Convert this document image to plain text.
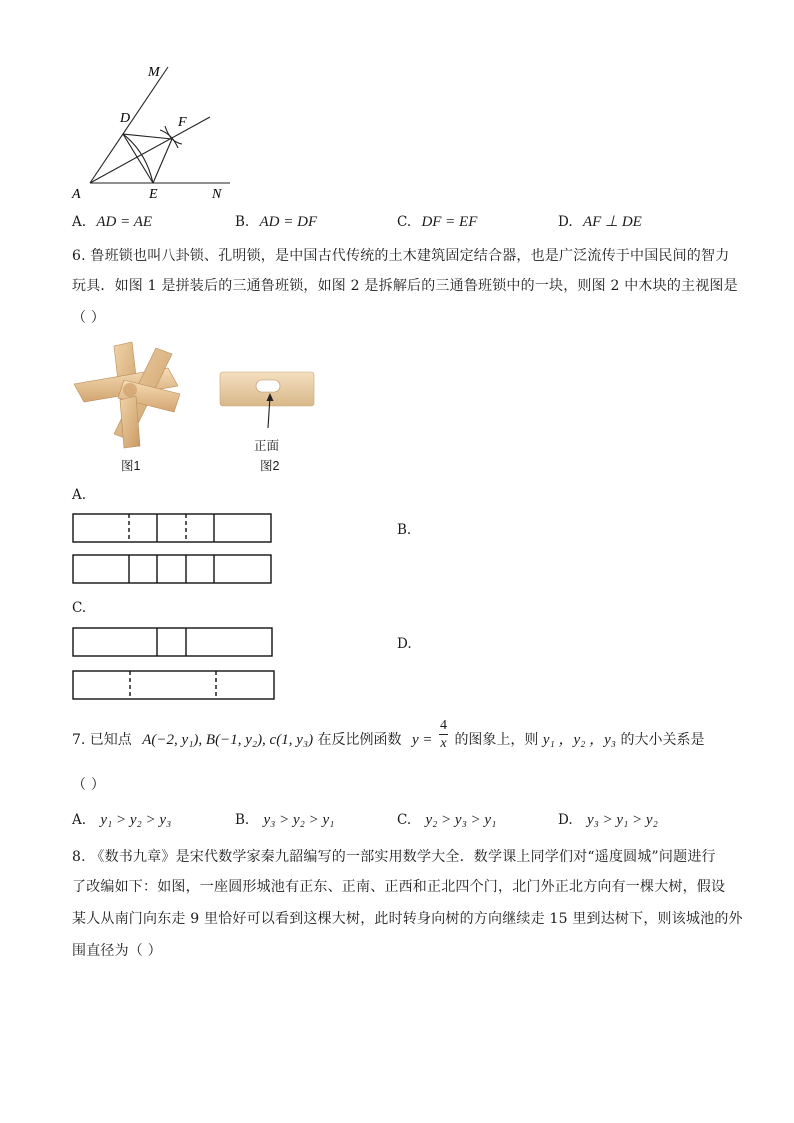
M
D	F
A	E	N
A. AD = AE	B. AD = DF	C. DF = EF	D. AF ⊥ DE
6. 鲁班锁也叫八卦锁、孔明锁，是中国古代传统的土木建筑固定结合器，也是广泛流传于中国民间的智力
玩具．如图 1 是拼装后的三通鲁班锁，如图 2 是拆解后的三通鲁班锁中的一块，则图 2 中木块的主视图是
（ ）
正面
图1	图2
A.
B.
C.
D.
7. 已知点 A(−2, y₁), B(−1, y₂), c(1, y₃) 在反比例函数 $y = \frac{4}{x}$ 的图象上，则 y₁ ，y₂ ，y₃ 的大小关系是
（ ）
A. y₁ > y₂ > y₃	B. y₃ > y₂ > y₁	C. y₂ > y₃ > y₁	D. y₃ > y₁ > y₂
8. 《数书九章》是宋代数学家秦九韶编写的一部实用数学大全．数学课上同学们对“遥度圆城”问题进行
了改编如下：如图，一座圆形城池有正东、正南、正西和正北四个门，北门外正北方向有一棵大树，假设
某人从南门向东走 9 里恰好可以看到这棵大树，此时转身向树的方向继续走 15 里到达树下，则该城池的外
围直径为（ ）
